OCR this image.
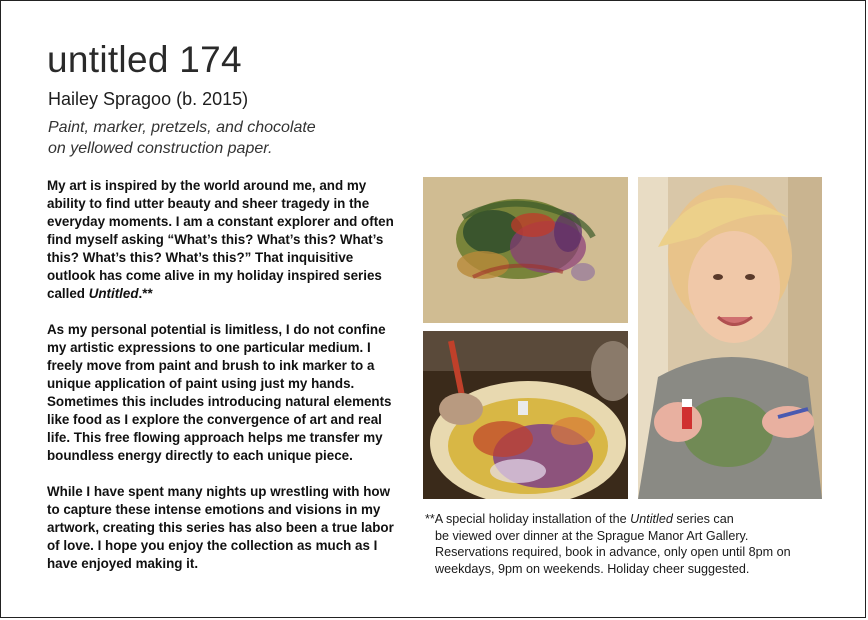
untitled 174
Hailey Spragoo (b. 2015)
Paint, marker, pretzels, and chocolate
on yellowed construction paper.

My art is inspired by the world around me, and my ability to find utter beauty and sheer tragedy in the everyday moments. I am a constant explorer and often find myself asking “What’s this? What’s this? What’s this? What’s this? What’s this?” That inquisitive outlook has come alive in my holiday inspired series called Untitled.**

As my personal potential is limitless, I do not confine my artistic expressions to one particular medium. I freely move from paint and brush to ink marker to a unique application of paint using just my hands. Sometimes this includes introducing natural elements like food as I explore the convergence of art and real life. This free flowing approach helps me transfer my boundless energy directly to each unique piece.

While I have spent many nights up wrestling with how to capture these intense emotions and visions in my artwork, creating this series has also been a true labor of love. I hope you enjoy the collection as much as I have enjoyed making it.

**A special holiday installation of the Untitled series can
be viewed over dinner at the Sprague Manor Art Gallery. Reservations required, book in advance, only open until 8pm on weekdays, 9pm on weekends. Holiday cheer suggested.
